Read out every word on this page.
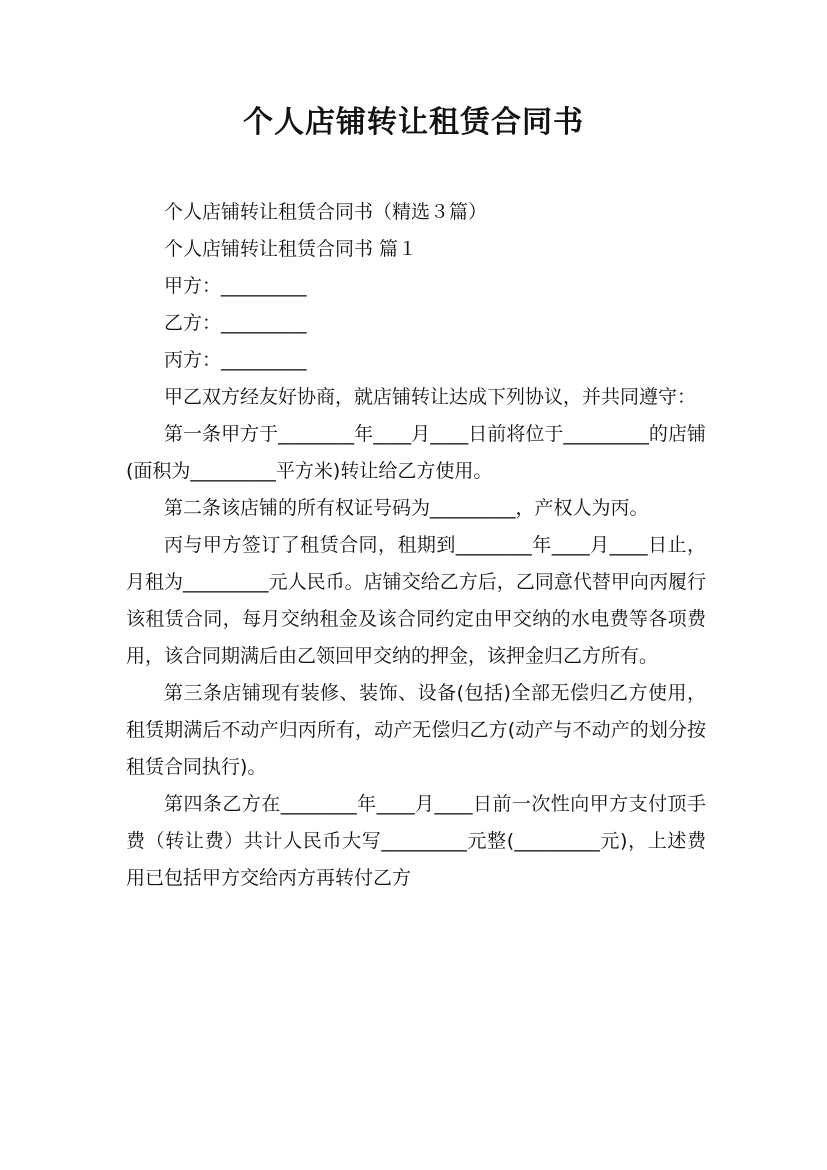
个人店铺转让租赁合同书

个人店铺转让租赁合同书（精选３篇）

个人店铺转让租赁合同书 篇１

甲方：_________

乙方：_________

丙方：_________

甲乙双方经友好协商，就店铺转让达成下列协议，并共同遵守：

第一条甲方于________年____月____日前将位于_________的店铺(面积为_________平方米)转让给乙方使用。

第二条该店铺的所有权证号码为_________，产权人为丙。

丙与甲方签订了租赁合同，租期到________年____月____日止，月租为_________元人民币。店铺交给乙方后，乙同意代替甲向丙履行该租赁合同，每月交纳租金及该合同约定由甲交纳的水电费等各项费用，该合同期满后由乙领回甲交纳的押金，该押金归乙方所有。

第三条店铺现有装修、装饰、设备(包括)全部无偿归乙方使用，租赁期满后不动产归丙所有，动产无偿归乙方(动产与不动产的划分按租赁合同执行)。

第四条乙方在________年____月____日前一次性向甲方支付顶手费（转让费）共计人民币大写_________元整(_________元)，上述费用已包括甲方交给丙方再转付乙方
